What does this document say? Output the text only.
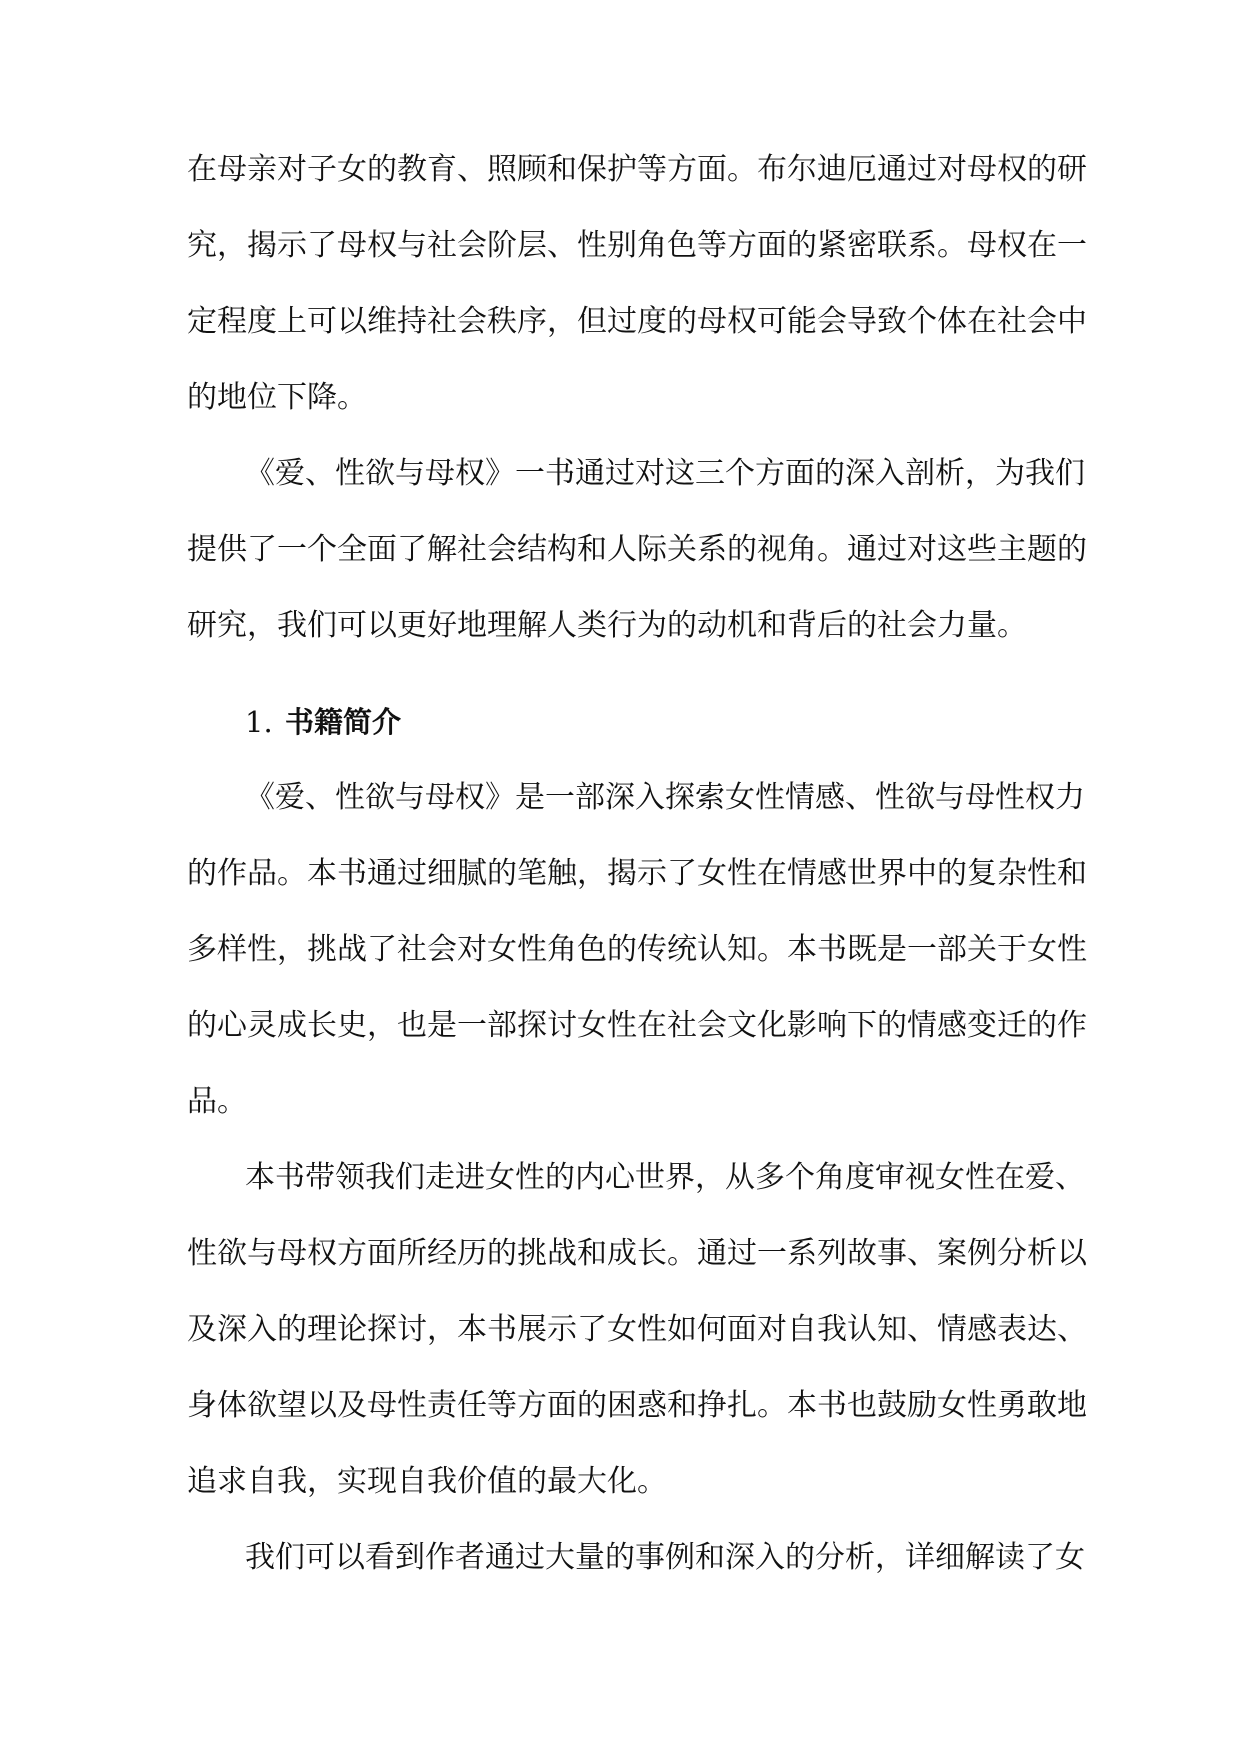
在母亲对子女的教育、照顾和保护等方面。布尔迪厄通过对母权的研
究，揭示了母权与社会阶层、性别角色等方面的紧密联系。母权在一
定程度上可以维持社会秩序，但过度的母权可能会导致个体在社会中
的地位下降。
《爱、性欲与母权》一书通过对这三个方面的深入剖析，为我们
提供了一个全面了解社会结构和人际关系的视角。通过对这些主题的
研究，我们可以更好地理解人类行为的动机和背后的社会力量。
1. 书籍简介
《爱、性欲与母权》是一部深入探索女性情感、性欲与母性权力
的作品。本书通过细腻的笔触，揭示了女性在情感世界中的复杂性和
多样性，挑战了社会对女性角色的传统认知。本书既是一部关于女性
的心灵成长史，也是一部探讨女性在社会文化影响下的情感变迁的作
品。
本书带领我们走进女性的内心世界，从多个角度审视女性在爱、
性欲与母权方面所经历的挑战和成长。通过一系列故事、案例分析以
及深入的理论探讨，本书展示了女性如何面对自我认知、情感表达、
身体欲望以及母性责任等方面的困惑和挣扎。本书也鼓励女性勇敢地
追求自我，实现自我价值的最大化。
我们可以看到作者通过大量的事例和深入的分析，详细解读了女
